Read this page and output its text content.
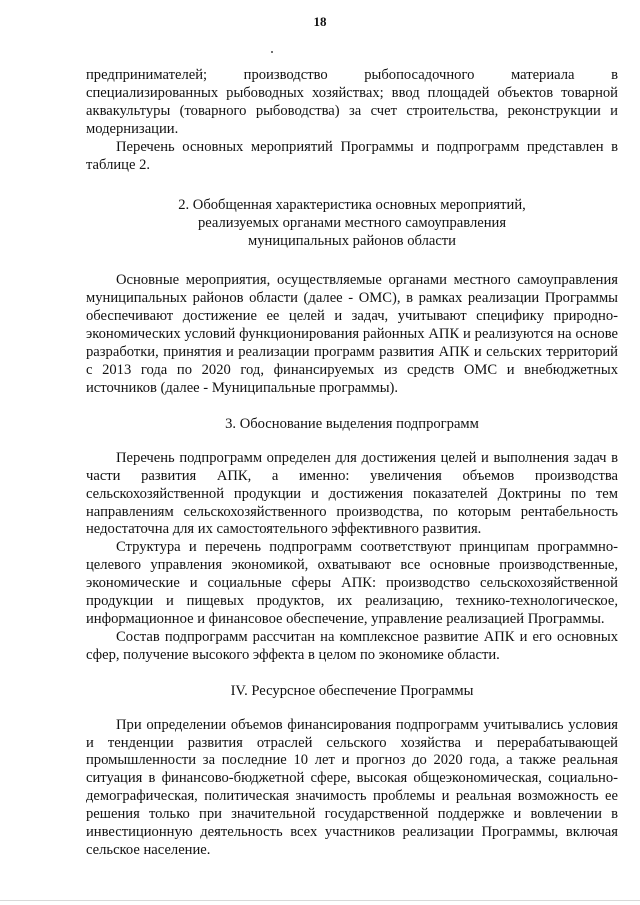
18

предпринимателей; производство рыбопосадочного материала в специализированных рыбоводных хозяйствах; ввод площадей объектов товарной аквакультуры (товарного рыбоводства) за счет строительства, реконструкции и модернизации.

Перечень основных мероприятий Программы и подпрограмм представлен в таблице 2.

2. Обобщенная характеристика основных мероприятий,
реализуемых органами местного самоуправления
муниципальных районов области

Основные мероприятия, осуществляемые органами местного самоуправления муниципальных районов области (далее - ОМС), в рамках реализации Программы обеспечивают достижение ее целей и задач, учитывают специфику природно-экономических условий функционирования районных АПК и реализуются на основе разработки, принятия и реализации программ развития АПК и сельских территорий с 2013 года по 2020 год, финансируемых из средств ОМС и внебюджетных источников (далее - Муниципальные программы).

3. Обоснование выделения подпрограмм

Перечень подпрограмм определен для достижения целей и выполнения задач в части развития АПК, а именно: увеличения объемов производства сельскохозяйственной продукции и достижения показателей Доктрины по тем направлениям сельскохозяйственного производства, по которым рентабельность недостаточна для их самостоятельного эффективного развития.

Структура и перечень подпрограмм соответствуют принципам программно-целевого управления экономикой, охватывают все основные производственные, экономические и социальные сферы АПК: производство сельскохозяйственной продукции и пищевых продуктов, их реализацию, технико-технологическое, информационное и финансовое обеспечение, управление реализацией Программы.

Состав подпрограмм рассчитан на комплексное развитие АПК и его основных сфер, получение высокого эффекта в целом по экономике области.

IV. Ресурсное обеспечение Программы

При определении объемов финансирования подпрограмм учитывались условия и тенденции развития отраслей сельского хозяйства и перерабатывающей промышленности за последние 10 лет и прогноз до 2020 года, а также реальная ситуация в финансово-бюджетной сфере, высокая общеэкономическая, социально-демографическая, политическая значимость проблемы и реальная возможность ее решения только при значительной государственной поддержке и вовлечении в инвестиционную деятельность всех участников реализации Программы, включая сельское население.
